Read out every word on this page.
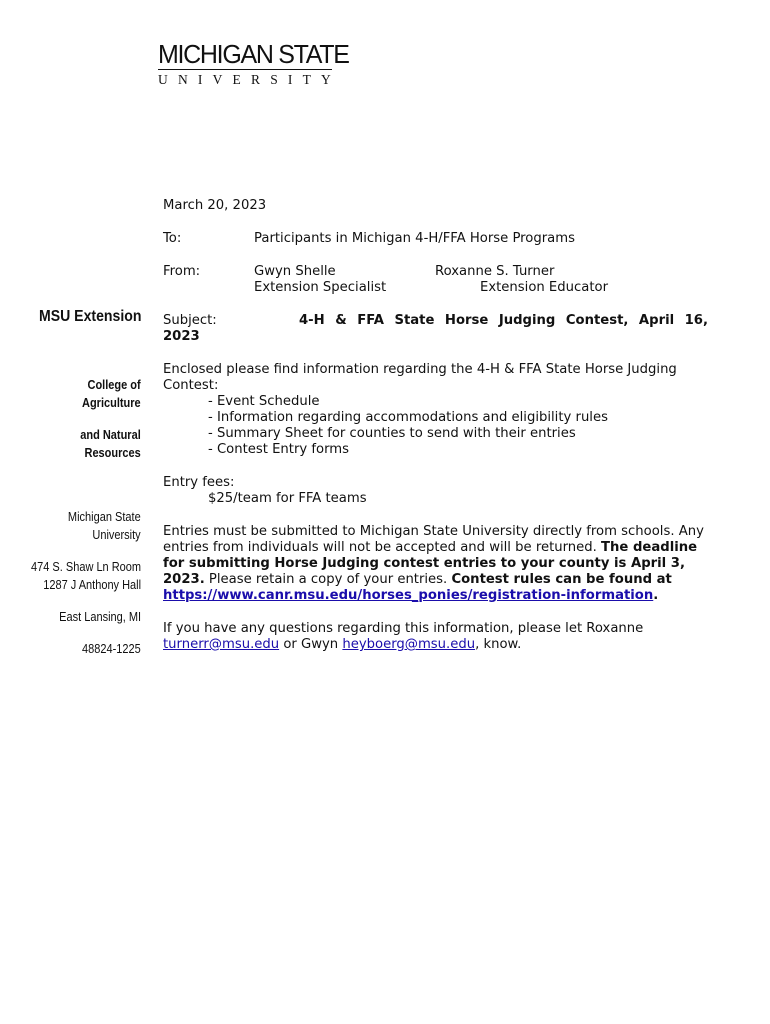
MICHIGAN STATE
UNIVERSITY
MSU Extension
College of
Agriculture
and Natural
Resources
Michigan State
University
474 S. Shaw Ln Room
1287 J Anthony Hall
East Lansing, MI
48824-1225
March 20, 2023
To:	Participants in Michigan 4-H/FFA Horse Programs
From:	Gwyn Shelle
Extension Specialist
Roxanne S. Turner
Extension Educator
Subject:	4-H & FFA State Horse Judging Contest, April 16,
2023
Enclosed please find information regarding the 4-H & FFA State Horse Judging Contest:
- Event Schedule
- Information regarding accommodations and eligibility rules
- Summary Sheet for counties to send with their entries
- Contest Entry forms
Entry fees:
$25/team for FFA teams
Entries must be submitted to Michigan State University directly from schools. Any entries from individuals will not be accepted and will be returned. The deadline for submitting Horse Judging contest entries to your county is April 3, 2023. Please retain a copy of your entries. Contest rules can be found at https://www.canr.msu.edu/horses_ponies/registration-information.
If you have any questions regarding this information, please let Roxanne turnerr@msu.edu or Gwyn heyboerg@msu.edu, know.
